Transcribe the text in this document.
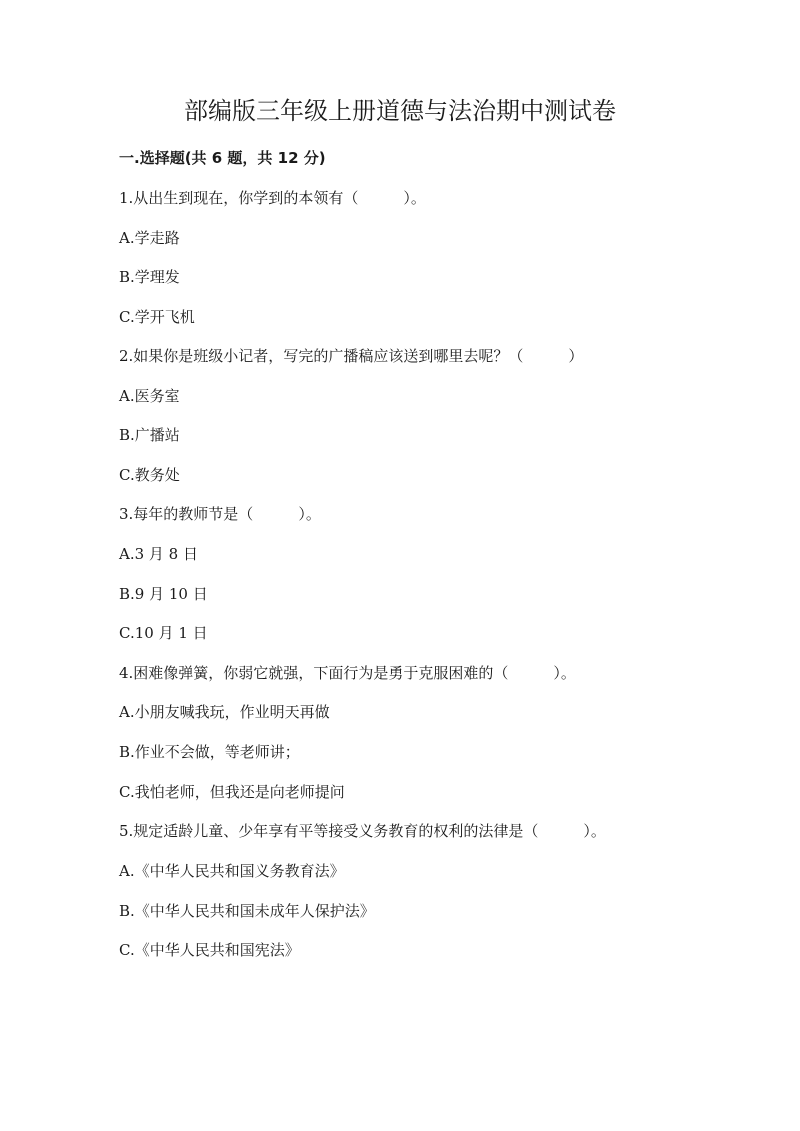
部编版三年级上册道德与法治期中测试卷
一.选择题(共 6 题，共 12 分)
1.从出生到现在，你学到的本领有（　　　）。
A.学走路
B.学理发
C.学开飞机
2.如果你是班级小记者，写完的广播稿应该送到哪里去呢？（　　　）
A.医务室
B.广播站
C.教务处
3.每年的教师节是（　　　）。
A.3 月 8 日
B.9 月 10 日
C.10 月 1 日
4.困难像弹簧，你弱它就强，下面行为是勇于克服困难的（　　　）。
A.小朋友喊我玩，作业明天再做
B.作业不会做，等老师讲；
C.我怕老师，但我还是向老师提问
5.规定适龄儿童、少年享有平等接受义务教育的权利的法律是（　　　）。
A.《中华人民共和国义务教育法》
B.《中华人民共和国未成年人保护法》
C.《中华人民共和国宪法》
